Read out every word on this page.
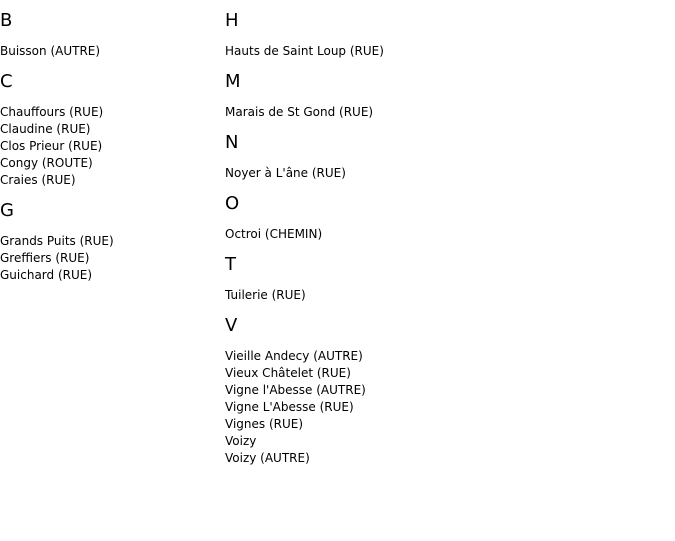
B
Buisson (AUTRE)
C
Chauffours (RUE)
Claudine (RUE)
Clos Prieur (RUE)
Congy (ROUTE)
Craies (RUE)
G
Grands Puits (RUE)
Greffiers (RUE)
Guichard (RUE)
H
Hauts de Saint Loup (RUE)
M
Marais de St Gond (RUE)
N
Noyer à L'âne (RUE)
O
Octroi (CHEMIN)
T
Tuilerie (RUE)
V
Vieille Andecy (AUTRE)
Vieux Châtelet (RUE)
Vigne l'Abesse (AUTRE)
Vigne L'Abesse (RUE)
Vignes (RUE)
Voizy
Voizy (AUTRE)
